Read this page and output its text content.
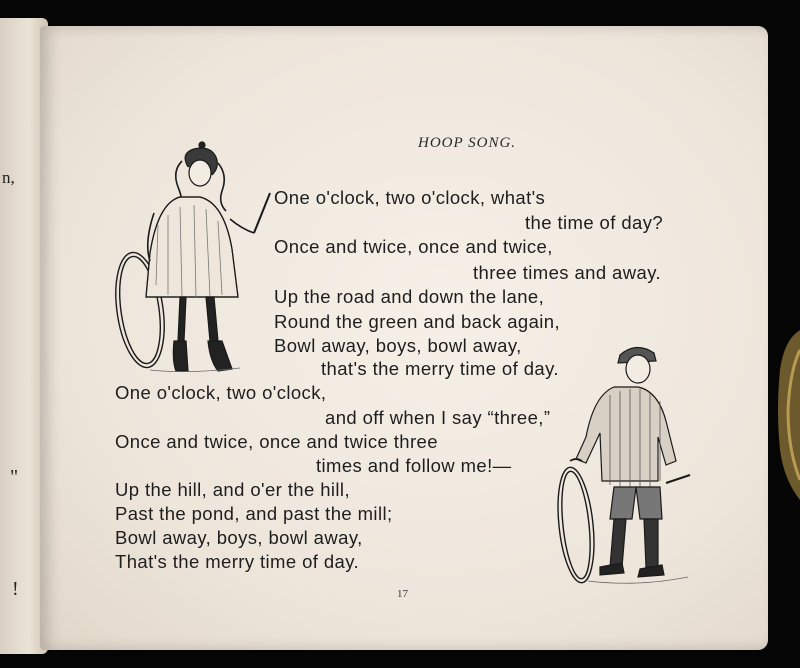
n,
"
!
HOOP SONG.
One o'clock, two o'clock, what's
the time of day?
Once and twice, once and twice,
three times and away.
Up the road and down the lane,
Round the green and back again,
Bowl away, boys, bowl away,
that's the merry time of day.
One o'clock, two o'clock,
and off when I say “three,”
Once and twice, once and twice three
times and follow me!—
Up the hill, and o'er the hill,
Past the pond, and past the mill;
Bowl away, boys, bowl away,
That's the merry time of day.
17
